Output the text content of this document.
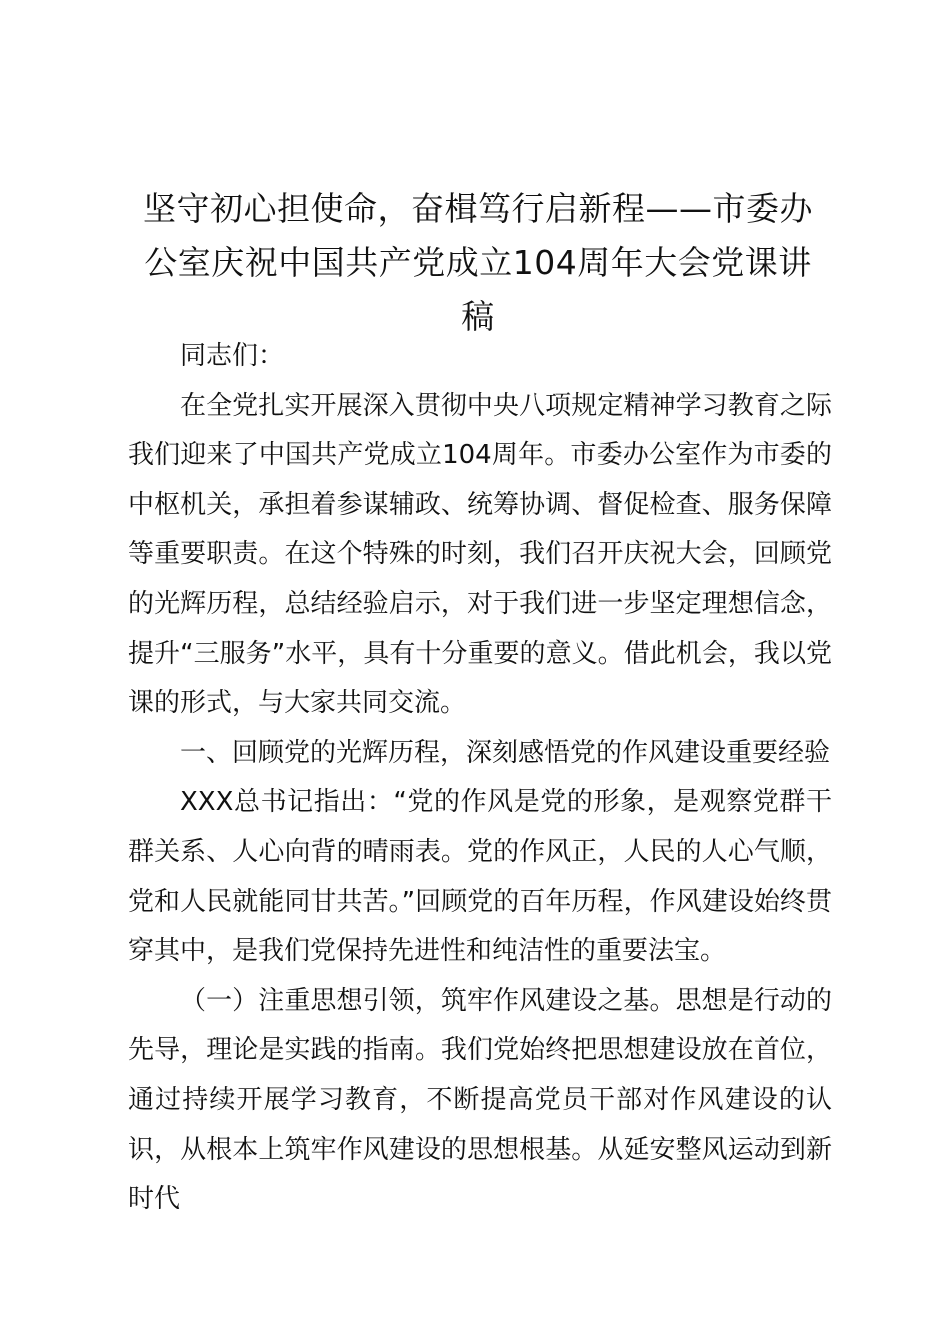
坚守初心担使命，奋楫笃行启新程——市委办公室庆祝中国共产党成立104周年大会党课讲稿

同志们：

在全党扎实开展深入贯彻中央八项规定精神学习教育之际我们迎来了中国共产党成立104周年。市委办公室作为市委的中枢机关，承担着参谋辅政、统筹协调、督促检查、服务保障等重要职责。在这个特殊的时刻，我们召开庆祝大会，回顾党的光辉历程，总结经验启示，对于我们进一步坚定理想信念，提升“三服务”水平，具有十分重要的意义。借此机会，我以党课的形式，与大家共同交流。

一、回顾党的光辉历程，深刻感悟党的作风建设重要经验

XXX总书记指出：“党的作风是党的形象，是观察党群干群关系、人心向背的晴雨表。党的作风正，人民的人心气顺，党和人民就能同甘共苦。”回顾党的百年历程，作风建设始终贯穿其中，是我们党保持先进性和纯洁性的重要法宝。

（一）注重思想引领，筑牢作风建设之基。思想是行动的先导，理论是实践的指南。我们党始终把思想建设放在首位，通过持续开展学习教育，不断提高党员干部对作风建设的认识，从根本上筑牢作风建设的思想根基。从延安整风运动到新时代
